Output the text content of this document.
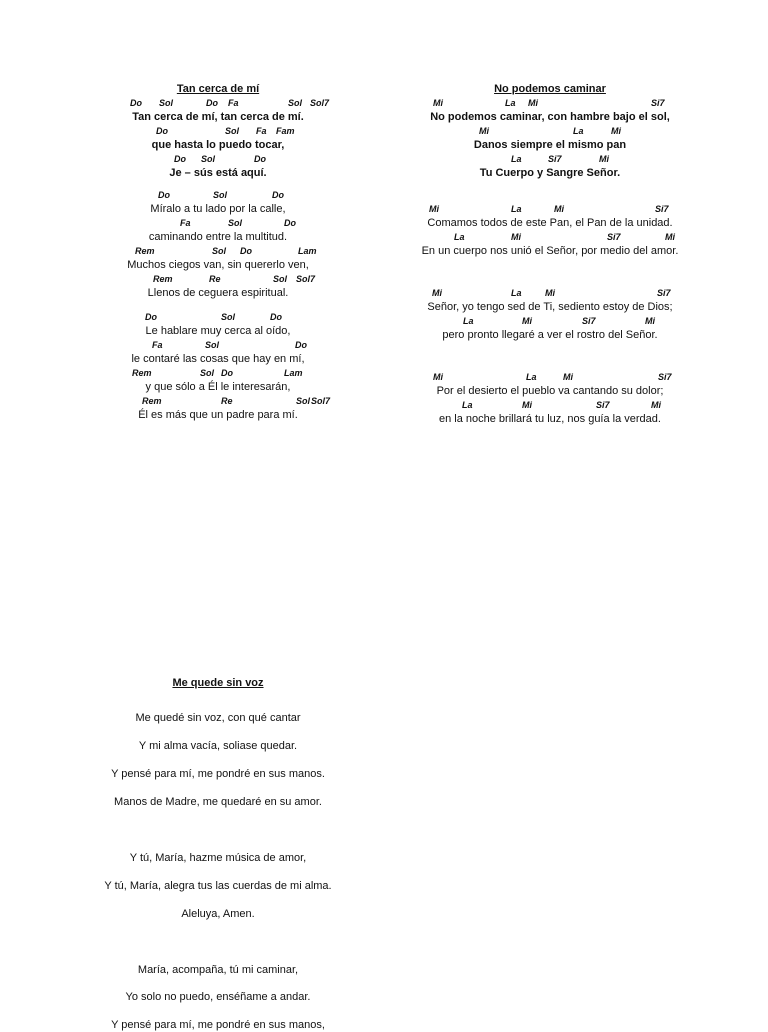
Tan cerca de mí
Do Sol	Do Fa	Sol Sol7
Tan cerca de mí, tan cerca de mí.
Do	Sol Fa Fam
que hasta lo puedo tocar,
Do Sol	Do
Je – sús está aquí.
Do	Sol	Do
Míralo a tu lado por la calle,
Fa	Sol	Do
caminando entre la multitud.
Rem	Sol Do	Lam
Muchos ciegos van, sin quererlo ven,
Rem	Re	Sol Sol7
Llenos de ceguera espiritual.
Do	Sol	Do
Le hablare muy cerca al oído,
Fa	Sol	Do
le contaré las cosas que hay en mí,
Rem	Sol Do	Lam
y que sólo a Él le interesarán,
Rem	Re	Sol Sol7
Él es más que un padre para mí.
No podemos caminar
Mi	La Mi	Si7
No podemos caminar, con hambre bajo el sol,
Mi	La	Mi
Danos siempre el mismo pan
La	Si7	Mi
Tu Cuerpo y Sangre Señor.
Mi	La	Mi	Si7
Comamos todos de este Pan, el Pan de la unidad.
La	Mi	Si7	Mi
En un cuerpo nos unió el Señor, por medio del amor.
Mi	La	Mi	Si7
Señor, yo tengo sed de Ti, sediento estoy de Dios;
La	Mi	Si7	Mi
pero pronto llegaré a ver el rostro del Señor.
Mi	La	Mi	Si7
Por el desierto el pueblo va cantando su dolor;
La	Mi	Si7	Mi
en la noche brillará tu luz, nos guía la verdad.
Me quede sin voz
Me quedé sin voz, con qué cantar
Y mi alma vacía, soliase quedar.
Y pensé para mí, me pondré en sus manos.
Manos de Madre, me quedaré en su amor.
Y tú, María, hazme música de amor,
Y tú, María, alegra tus las cuerdas de mi alma.
Aleluya, Amen.
María, acompaña, tú mi caminar,
Yo solo no puedo, enséñame a andar.
Y pensé para mí, me pondré en sus manos,
